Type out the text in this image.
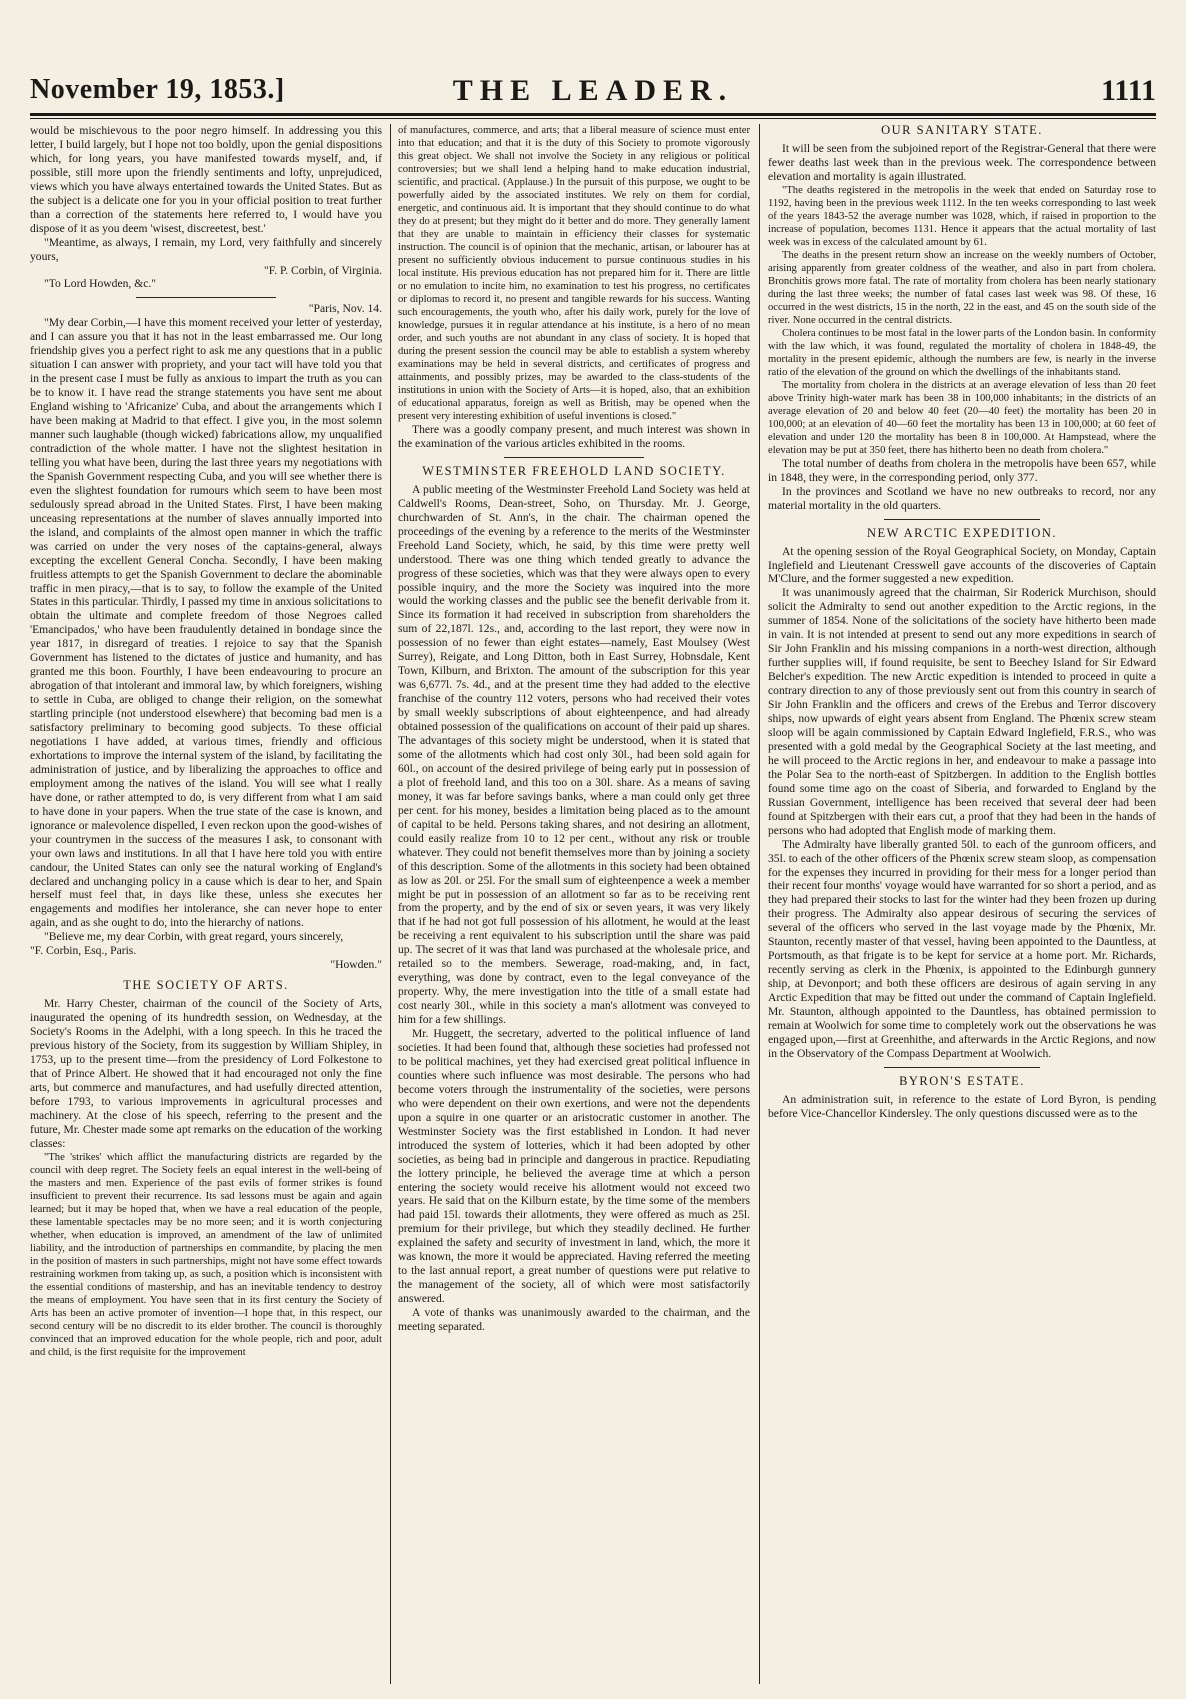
November 19, 1853.]	THE LEADER.	1111

would be mischievous to the poor negro himself. In addressing you this letter, I build largely, but I hope not too boldly, upon the genial dispositions which, for long years, you have manifested towards myself, and, if possible, still more upon the friendly sentiments and lofty, unprejudiced, views which you have always entertained towards the United States. But as the subject is a delicate one for you in your official position to treat further than a correction of the statements here referred to, I would have you dispose of it as you deem 'wisest, discreetest, best.'

"Meantime, as always, I remain, my Lord, very faithfully and sincerely yours,

"F. P. Corbin, of Virginia.

"To Lord Howden, &c."

"Paris, Nov. 14.

"My dear Corbin,—I have this moment received your letter of yesterday, and I can assure you that it has not in the least embarrassed me. Our long friendship gives you a perfect right to ask me any questions that in a public situation I can answer with propriety, and your tact will have told you that in the present case I must be fully as anxious to impart the truth as you can be to know it. I have read the strange statements you have sent me about England wishing to 'Africanize' Cuba, and about the arrangements which I have been making at Madrid to that effect. I give you, in the most solemn manner such laughable (though wicked) fabrications allow, my unqualified contradiction of the whole matter. I have not the slightest hesitation in telling you what have been, during the last three years my negotiations with the Spanish Government respecting Cuba, and you will see whether there is even the slightest foundation for rumours which seem to have been most sedulously spread abroad in the United States. First, I have been making unceasing representations at the number of slaves annually imported into the island, and complaints of the almost open manner in which the traffic was carried on under the very noses of the captains-general, always excepting the excellent General Concha. Secondly, I have been making fruitless attempts to get the Spanish Government to declare the abominable traffic in men piracy,—that is to say, to follow the example of the United States in this particular. Thirdly, I passed my time in anxious solicitations to obtain the ultimate and complete freedom of those Negroes called 'Emancipados,' who have been fraudulently detained in bondage since the year 1817, in disregard of treaties. I rejoice to say that the Spanish Government has listened to the dictates of justice and humanity, and has granted me this boon. Fourthly, I have been endeavouring to procure an abrogation of that intolerant and immoral law, by which foreigners, wishing to settle in Cuba, are obliged to change their religion, on the somewhat startling principle (not understood elsewhere) that becoming bad men is a satisfactory preliminary to becoming good subjects. To these official negotiations I have added, at various times, friendly and officious exhortations to improve the internal system of the island, by facilitating the administration of justice, and by liberalizing the approaches to office and employment among the natives of the island. You will see what I really have done, or rather attempted to do, is very different from what I am said to have done in your papers. When the true state of the case is known, and ignorance or malevolence dispelled, I even reckon upon the good-wishes of your countrymen in the success of the measures I ask, to consonant with your own laws and institutions. In all that I have here told you with entire candour, the United States can only see the natural working of England's declared and unchanging policy in a cause which is dear to her, and Spain herself must feel that, in days like these, unless she executes her engagements and modifies her intolerance, she can never hope to enter again, and as she ought to do, into the hierarchy of nations.

"Believe me, my dear Corbin, with great regard, yours sincerely,

"F. Corbin, Esq., Paris.

"Howden."

THE SOCIETY OF ARTS.

Mr. Harry Chester, chairman of the council of the Society of Arts, inaugurated the opening of its hundredth session, on Wednesday, at the Society's Rooms in the Adelphi, with a long speech. In this he traced the previous history of the Society, from its suggestion by William Shipley, in 1753, up to the present time—from the presidency of Lord Folkestone to that of Prince Albert. He showed that it had encouraged not only the fine arts, but commerce and manufactures, and had usefully directed attention, before 1793, to various improvements in agricultural processes and machinery. At the close of his speech, referring to the present and the future, Mr. Chester made some apt remarks on the education of the working classes:

"The 'strikes' which afflict the manufacturing districts are regarded by the council with deep regret. The Society feels an equal interest in the well-being of the masters and men. Experience of the past evils of former strikes is found insufficient to prevent their recurrence. Its sad lessons must be again and again learned; but it may be hoped that, when we have a real education of the people, these lamentable spectacles may be no more seen; and it is worth conjecturing whether, when education is improved, an amendment of the law of unlimited liability, and the introduction of partnerships en commandite, by placing the men in the position of masters in such partnerships, might not have some effect towards restraining workmen from taking up, as such, a position which is inconsistent with the essential conditions of mastership, and has an inevitable tendency to destroy the means of employment. You have seen that in its first century the Society of Arts has been an active promoter of invention—I hope that, in this respect, our second century will be no discredit to its elder brother. The council is thoroughly convinced that an improved education for the whole people, rich and poor, adult and child, is the first requisite for the improvement

of manufactures, commerce, and arts; that a liberal measure of science must enter into that education; and that it is the duty of this Society to promote vigorously this great object. We shall not involve the Society in any religious or political controversies; but we shall lend a helping hand to make education industrial, scientific, and practical. (Applause.) In the pursuit of this purpose, we ought to be powerfully aided by the associated institutes. We rely on them for cordial, energetic, and continuous aid. It is important that they should continue to do what they do at present; but they might do it better and do more. They generally lament that they are unable to maintain in efficiency their classes for systematic instruction. The council is of opinion that the mechanic, artisan, or labourer has at present no sufficiently obvious inducement to pursue continuous studies in his local institute. His previous education has not prepared him for it. There are little or no emulation to incite him, no examination to test his progress, no certificates or diplomas to record it, no present and tangible rewards for his success. Wanting such encouragements, the youth who, after his daily work, purely for the love of knowledge, pursues it in regular attendance at his institute, is a hero of no mean order, and such youths are not abundant in any class of society. It is hoped that during the present session the council may be able to establish a system whereby examinations may be held in several districts, and certificates of progress and attainments, and possibly prizes, may be awarded to the class-students of the institutions in union with the Society of Arts—it is hoped, also, that an exhibition of educational apparatus, foreign as well as British, may be opened when the present very interesting exhibition of useful inventions is closed."

There was a goodly company present, and much interest was shown in the examination of the various articles exhibited in the rooms.

WESTMINSTER FREEHOLD LAND SOCIETY.

A public meeting of the Westminster Freehold Land Society was held at Caldwell's Rooms, Dean-street, Soho, on Thursday. Mr. J. George, churchwarden of St. Ann's, in the chair. The chairman opened the proceedings of the evening by a reference to the merits of the Westminster Freehold Land Society, which, he said, by this time were pretty well understood. There was one thing which tended greatly to advance the progress of these societies, which was that they were always open to every possible inquiry, and the more the Society was inquired into the more would the working classes and the public see the benefit derivable from it. Since its formation it had received in subscription from shareholders the sum of 22,187l. 12s., and, according to the last report, they were now in possession of no fewer than eight estates—namely, East Moulsey (West Surrey), Reigate, and Long Ditton, both in East Surrey, Hobnsdale, Kent Town, Kilburn, and Brixton. The amount of the subscription for this year was 6,677l. 7s. 4d., and at the present time they had added to the elective franchise of the country 112 voters, persons who had received their votes by small weekly subscriptions of about eighteenpence, and had already obtained possession of the qualifications on account of their paid up shares. The advantages of this society might be understood, when it is stated that some of the allotments which had cost only 30l., had been sold again for 60l., on account of the desired privilege of being early put in possession of a plot of freehold land, and this too on a 30l. share. As a means of saving money, it was far before savings banks, where a man could only get three per cent. for his money, besides a limitation being placed as to the amount of capital to be held. Persons taking shares, and not desiring an allotment, could easily realize from 10 to 12 per cent., without any risk or trouble whatever. They could not benefit themselves more than by joining a society of this description. Some of the allotments in this society had been obtained as low as 20l. or 25l. For the small sum of eighteenpence a week a member might be put in possession of an allotment so far as to be receiving rent from the property, and by the end of six or seven years, it was very likely that if he had not got full possession of his allotment, he would at the least be receiving a rent equivalent to his subscription until the share was paid up. The secret of it was that land was purchased at the wholesale price, and retailed so to the members. Sewerage, road-making, and, in fact, everything, was done by contract, even to the legal conveyance of the property. Why, the mere investigation into the title of a small estate had cost nearly 30l., while in this society a man's allotment was conveyed to him for a few shillings.

Mr. Huggett, the secretary, adverted to the political influence of land societies. It had been found that, although these societies had professed not to be political machines, yet they had exercised great political influence in counties where such influence was most desirable. The persons who had become voters through the instrumentality of the societies, were persons who were dependent on their own exertions, and were not the dependents upon a squire in one quarter or an aristocratic customer in another. The Westminster Society was the first established in London. It had never introduced the system of lotteries, which it had been adopted by other societies, as being bad in principle and dangerous in practice. Repudiating the lottery principle, he believed the average time at which a person entering the society would receive his allotment would not exceed two years. He said that on the Kilburn estate, by the time some of the members had paid 15l. towards their allotments, they were offered as much as 25l. premium for their privilege, but which they steadily declined. He further explained the safety and security of investment in land, which, the more it was known, the more it would be appreciated. Having referred the meeting to the last annual report, a great number of questions were put relative to the management of the society, all of which were most satisfactorily answered.

A vote of thanks was unanimously awarded to the chairman, and the meeting separated.

OUR SANITARY STATE.

It will be seen from the subjoined report of the Registrar-General that there were fewer deaths last week than in the previous week. The correspondence between elevation and mortality is again illustrated.

"The deaths registered in the metropolis in the week that ended on Saturday rose to 1192, having been in the previous week 1112. In the ten weeks corresponding to last week of the years 1843-52 the average number was 1028, which, if raised in proportion to the increase of population, becomes 1131. Hence it appears that the actual mortality of last week was in excess of the calculated amount by 61.

The deaths in the present return show an increase on the weekly numbers of October, arising apparently from greater coldness of the weather, and also in part from cholera. Bronchitis grows more fatal. The rate of mortality from cholera has been nearly stationary during the last three weeks; the number of fatal cases last week was 98. Of these, 16 occurred in the west districts, 15 in the north, 22 in the east, and 45 on the south side of the river. None occurred in the central districts.

Cholera continues to be most fatal in the lower parts of the London basin. In conformity with the law which, it was found, regulated the mortality of cholera in 1848-49, the mortality in the present epidemic, although the numbers are few, is nearly in the inverse ratio of the elevation of the ground on which the dwellings of the inhabitants stand.

The mortality from cholera in the districts at an average elevation of less than 20 feet above Trinity high-water mark has been 38 in 100,000 inhabitants; in the districts of an average elevation of 20 and below 40 feet (20—40 feet) the mortality has been 20 in 100,000; at an elevation of 40—60 feet the mortality has been 13 in 100,000; at 60 feet of elevation and under 120 the mortality has been 8 in 100,000. At Hampstead, where the elevation may be put at 350 feet, there has hitherto been no death from cholera."

The total number of deaths from cholera in the metropolis have been 657, while in 1848, they were, in the corresponding period, only 377.

In the provinces and Scotland we have no new outbreaks to record, nor any material mortality in the old quarters.

NEW ARCTIC EXPEDITION.

At the opening session of the Royal Geographical Society, on Monday, Captain Inglefield and Lieutenant Cresswell gave accounts of the discoveries of Captain M'Clure, and the former suggested a new expedition.

It was unanimously agreed that the chairman, Sir Roderick Murchison, should solicit the Admiralty to send out another expedition to the Arctic regions, in the summer of 1854. None of the solicitations of the society have hitherto been made in vain. It is not intended at present to send out any more expeditions in search of Sir John Franklin and his missing companions in a north-west direction, although further supplies will, if found requisite, be sent to Beechey Island for Sir Edward Belcher's expedition. The new Arctic expedition is intended to proceed in quite a contrary direction to any of those previously sent out from this country in search of Sir John Franklin and the officers and crews of the Erebus and Terror discovery ships, now upwards of eight years absent from England. The Phœnix screw steam sloop will be again commissioned by Captain Edward Inglefield, F.R.S., who was presented with a gold medal by the Geographical Society at the last meeting, and he will proceed to the Arctic regions in her, and endeavour to make a passage into the Polar Sea to the north-east of Spitzbergen. In addition to the English bottles found some time ago on the coast of Siberia, and forwarded to England by the Russian Government, intelligence has been received that several deer had been found at Spitzbergen with their ears cut, a proof that they had been in the hands of persons who had adopted that English mode of marking them.

The Admiralty have liberally granted 50l. to each of the gunroom officers, and 35l. to each of the other officers of the Phœnix screw steam sloop, as compensation for the expenses they incurred in providing for their mess for a longer period than their recent four months' voyage would have warranted for so short a period, and as they had prepared their stocks to last for the winter had they been frozen up during their progress. The Admiralty also appear desirous of securing the services of several of the officers who served in the last voyage made by the Phœnix, Mr. Staunton, recently master of that vessel, having been appointed to the Dauntless, at Portsmouth, as that frigate is to be kept for service at a home port. Mr. Richards, recently serving as clerk in the Phœnix, is appointed to the Edinburgh gunnery ship, at Devonport; and both these officers are desirous of again serving in any Arctic Expedition that may be fitted out under the command of Captain Inglefield. Mr. Staunton, although appointed to the Dauntless, has obtained permission to remain at Woolwich for some time to completely work out the observations he was engaged upon,—first at Greenhithe, and afterwards in the Arctic Regions, and now in the Observatory of the Compass Department at Woolwich.

BYRON'S ESTATE.

An administration suit, in reference to the estate of Lord Byron, is pending before Vice-Chancellor Kindersley. The only questions discussed were as to the
